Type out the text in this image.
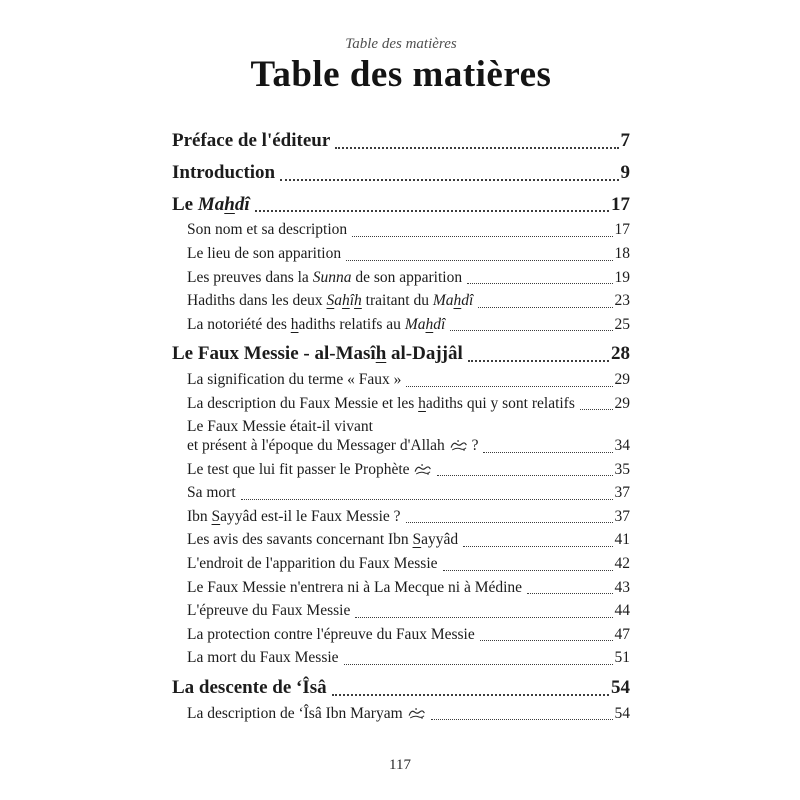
Table des matières
Table des matières
Préface de l'éditeur	7
Introduction	9
Le Mahdî	17
Son nom et sa description	17
Le lieu de son apparition	18
Les preuves dans la Sunna de son apparition	19
Hadiths dans les deux Sahîh traitant du Mahdî	23
La notoriété des hadiths relatifs au Mahdî	25
Le Faux Messie - al-Masîh al-Dajjâl	28
La signification du terme « Faux »	29
La description du Faux Messie et les hadiths qui y sont relatifs	29
Le Faux Messie était-il vivant
et présent à l'époque du Messager d'Allah  ?	34
Le test que lui fit passer le Prophète	35
Sa mort	37
Ibn Sayyâd est-il le Faux Messie ?	37
Les avis des savants concernant Ibn Sayyâd	41
L'endroit de l'apparition du Faux Messie	42
Le Faux Messie n'entrera ni à La Mecque ni à Médine	43
L'épreuve du Faux Messie	44
La protection contre l'épreuve du Faux Messie	47
La mort du Faux Messie	51
La descente de ‘Îsâ	54
La description de ‘Îsâ Ibn Maryam	54
117
